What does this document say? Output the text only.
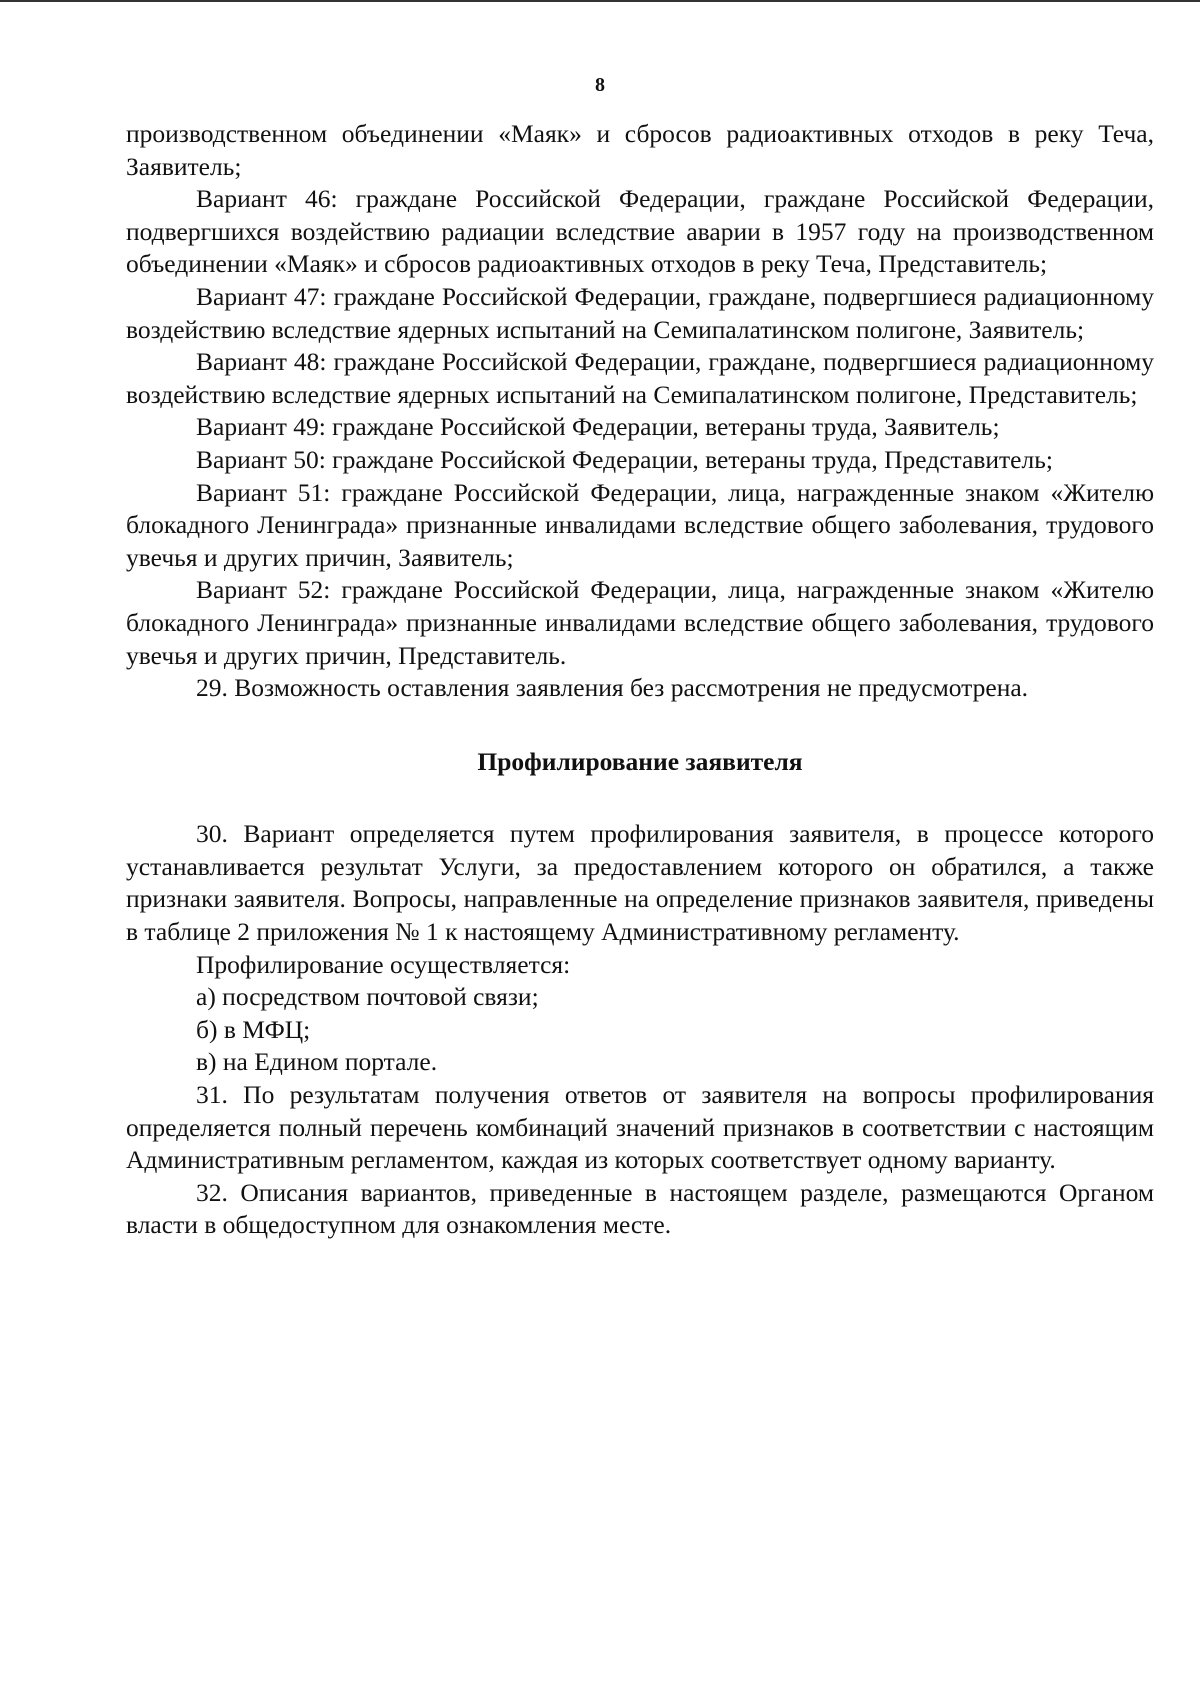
8

производственном объединении «Маяк» и сбросов радиоактивных отходов в реку Теча, Заявитель;

Вариант 46: граждане Российской Федерации, граждане Российской Федерации, подвергшихся воздействию радиации вследствие аварии в 1957 году на производственном объединении «Маяк» и сбросов радиоактивных отходов в реку Теча, Представитель;

Вариант 47: граждане Российской Федерации, граждане, подвергшиеся радиационному воздействию вследствие ядерных испытаний на Семипалатинском полигоне, Заявитель;

Вариант 48: граждане Российской Федерации, граждане, подвергшиеся радиационному воздействию вследствие ядерных испытаний на Семипалатинском полигоне, Представитель;

Вариант 49: граждане Российской Федерации, ветераны труда, Заявитель;

Вариант 50: граждане Российской Федерации, ветераны труда, Представитель;

Вариант 51: граждане Российской Федерации, лица, награжденные знаком «Жителю блокадного Ленинграда» признанные инвалидами вследствие общего заболевания, трудового увечья и других причин, Заявитель;

Вариант 52: граждане Российской Федерации, лица, награжденные знаком «Жителю блокадного Ленинграда» признанные инвалидами вследствие общего заболевания, трудового увечья и других причин, Представитель.

29. Возможность оставления заявления без рассмотрения не предусмотрена.

Профилирование заявителя

30. Вариант определяется путем профилирования заявителя, в процессе которого устанавливается результат Услуги, за предоставлением которого он обратился, а также признаки заявителя. Вопросы, направленные на определение признаков заявителя, приведены в таблице 2 приложения № 1 к настоящему Административному регламенту.

Профилирование осуществляется:

а) посредством почтовой связи;

б) в МФЦ;

в) на Едином портале.

31. По результатам получения ответов от заявителя на вопросы профилирования определяется полный перечень комбинаций значений признаков в соответствии с настоящим Административным регламентом, каждая из которых соответствует одному варианту.

32. Описания вариантов, приведенные в настоящем разделе, размещаются Органом власти в общедоступном для ознакомления месте.
